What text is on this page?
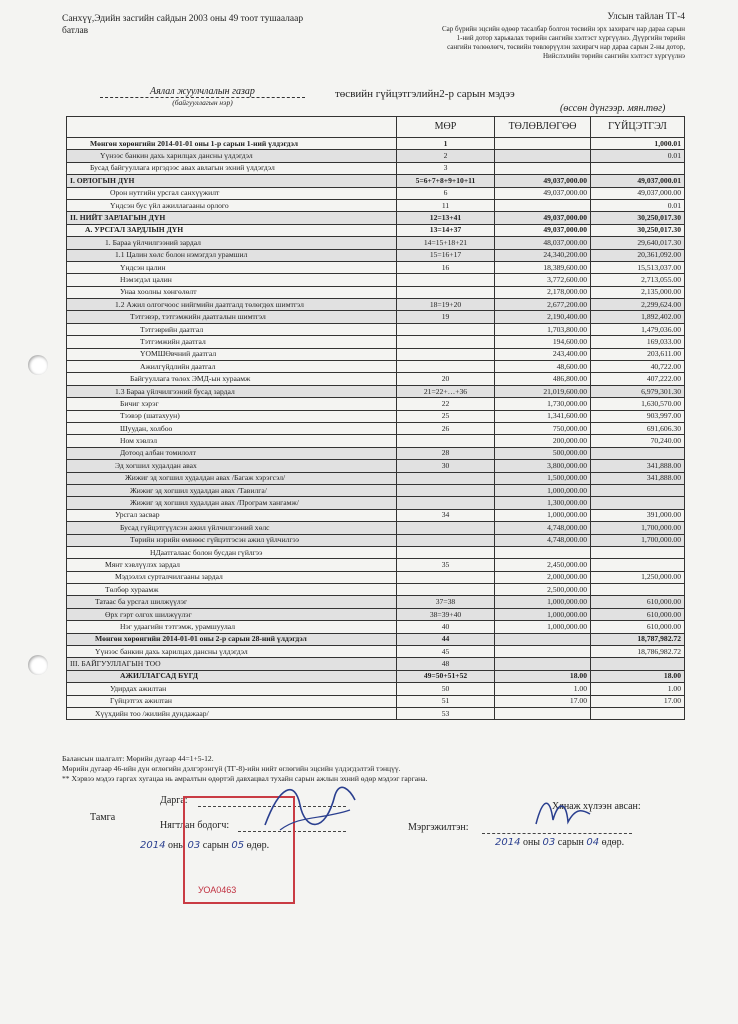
Санхүү,Эдийн засгийн сайдын 2003 оны 49 тоот тушаалаар
батлав
Улсын тайлан ТГ-4
Сар бүрийн эцсийн өдөөр тасалбар болгон төсвийн эрх захирагч нар дараа сарын
1-ний дотор харьяалах төрийн сангийн хэлтэст хүргүүлнэ. Дүүргийн төрийн
сангийн төлөөлөгч, төсвийн төвлөрүүлэн захирагч нар дараа сарын 2-ны дотор,
Нийслэлийн төрийн сангийн хэлтэст хүргүүлнэ
Аялал жуулчлалын газар
(байгууллагын нэр)
төсвийн гүйцэтгэлийн2-р сарын мэдээ
(өссөн дүнгээр. мян.төг)
	МӨР	ТӨЛӨВЛӨГӨӨ	ГҮЙЦЭТГЭЛ
Мөнгөн хөрөнгийн 2014-01-01 оны 1-р сарын 1-ний үлдэгдэл	1		1,000.01
Үүнээс банкин дахь харилцах дансны үлдэгдэл	2		0.01
Бусад байгууллага иргэдээс авах авлагын эхний үлдэгдэл	3		
I. ОРЛОГЫН ДҮН	5=6+7+8+9+10+11	49,037,000.00	49,037,000.01
Орон нутгийн урсгал санхүүжилт	6	49,037,000.00	49,037,000.00
Үндсэн бус үйл ажиллагааны орлого	11		0.01
II. НИЙТ ЗАРЛАГЫН ДҮН	12=13+41	49,037,000.00	30,250,017.30
А. УРСГАЛ ЗАРДЛЫН ДҮН	13=14+37	49,037,000.00	30,250,017.30
1. Бараа үйлчилгээний зардал	14=15+18+21	48,037,000.00	29,640,017.30
1.1 Цалин хөлс болон нэмэгдэл урамшил	15=16+17	24,340,200.00	20,361,092.00
Үндсэн цалин	16	18,389,600.00	15,513,037.00
Нэмэгдэл цалин		3,772,600.00	2,713,055.00
Унаа хоолны хөнгөлөлт		2,178,000.00	2,135,000.00
1.2 Ажил олгогчоос нийгмийн даатгалд төлөгдөх шимтгэл	18=19+20	2,677,200.00	2,299,624.00
Тэтгэвэр, тэтгэмжийн даатгалын шимтгэл	19	2,190,400.00	1,892,402.00
Тэтгэврийн даатгал		1,703,800.00	1,479,036.00
Тэтгэмжийн даатгал		194,600.00	169,033.00
ҮОМШӨвчний даатгал		243,400.00	203,611.00
Ажилгүйдлийн даатгал		48,600.00	40,722.00
Байгууллага төлөх ЭМД-ын хураамж	20	486,800.00	407,222.00
1.3 Бараа үйлчилгээний бусад зардал	21=22+…+36	21,019,600.00	6,979,301.30
Бичиг хэрэг	22	1,730,000.00	1,630,570.00
Тээвэр (шатахуун)	25	1,341,600.00	903,997.00
Шуудан, холбоо	26	750,000.00	691,606.30
Ном хэвлэл		200,000.00	70,240.00
Дотоод албан томилолт	28	500,000.00	
Эд хогшил худалдан авах	30	3,800,000.00	341,888.00
Жижиг эд хогшил худалдан авах /Багаж хэрэгсэл/		1,500,000.00	341,888.00
Жижиг эд хогшил худалдан авах /Тавилга/		1,000,000.00	
Жижиг эд хогшил худалдан авах /Програм хангамж/		1,300,000.00	
Урсгал засвар	34	1,000,000.00	391,000.00
Бусад гүйцэтгүүлсэн ажил үйлчилгээний хөлс		4,748,000.00	1,700,000.00
Төрийн нэрийн өмнөөс гүйцэтгэсэн ажил үйлчилгээ		4,748,000.00	1,700,000.00
НДаатгалаас болон бусдан гүйлгээ			
Мянт хэвлүүлэх зардал	35	2,450,000.00	
Мэдээлэл сурталчилгааны зардал		2,000,000.00	1,250,000.00
Төлбөр хураамж		2,500,000.00	
Татаас ба урсгал шилжүүлэг	37=38	1,000,000.00	610,000.00
Өрх гэрт олгох шилжүүлэг	38=39+40	1,000,000.00	610,000.00
Нэг удаагийн тэтгэмж, урамшуулал	40	1,000,000.00	610,000.00
Мөнгөн хөрөнгийн 2014-01-01 оны 2-р сарын 28-ний үлдэгдэл	44		18,787,982.72
Үүнээс банкин дахь харилцах дансны үлдэгдэл	45		18,786,982.72
III. БАЙГУУЛЛАГЫН ТОО	48		
АЖИЛЛАГСАД БҮГД	49=50+51+52	18.00	18.00
Удирдах ажилтан	50	1.00	1.00
Гүйцэтгэх ажилтан	51	17.00	17.00
Хүүхдийн тоо /жилийн дундажаар/	53		
Балансын шалгалт: Мөрийн дугаар 44=1+5-12.
Мөрийн дугаар 46-ийн дүн өглөгийн дэлгэрэнгүй (ТГ-8)-ийн нийт өглөгийн эцсийн үлдэгдэлтэй тэнцүү.
** Хэрвээ мэдээ гаргах хугацаа нь амралтын өдөртэй давхацвал тухайн сарын ажлын эхний өдөр мэдээг гаргана.
Тамга
Дарга:
Нягтлан бодогч:
2014 оны 03 сарын 05 өдөр.
Хянаж хүлээн авсан:
Мэргэжилтэн:
2014 оны 03 сарын 04 өдөр.
УОА0463
